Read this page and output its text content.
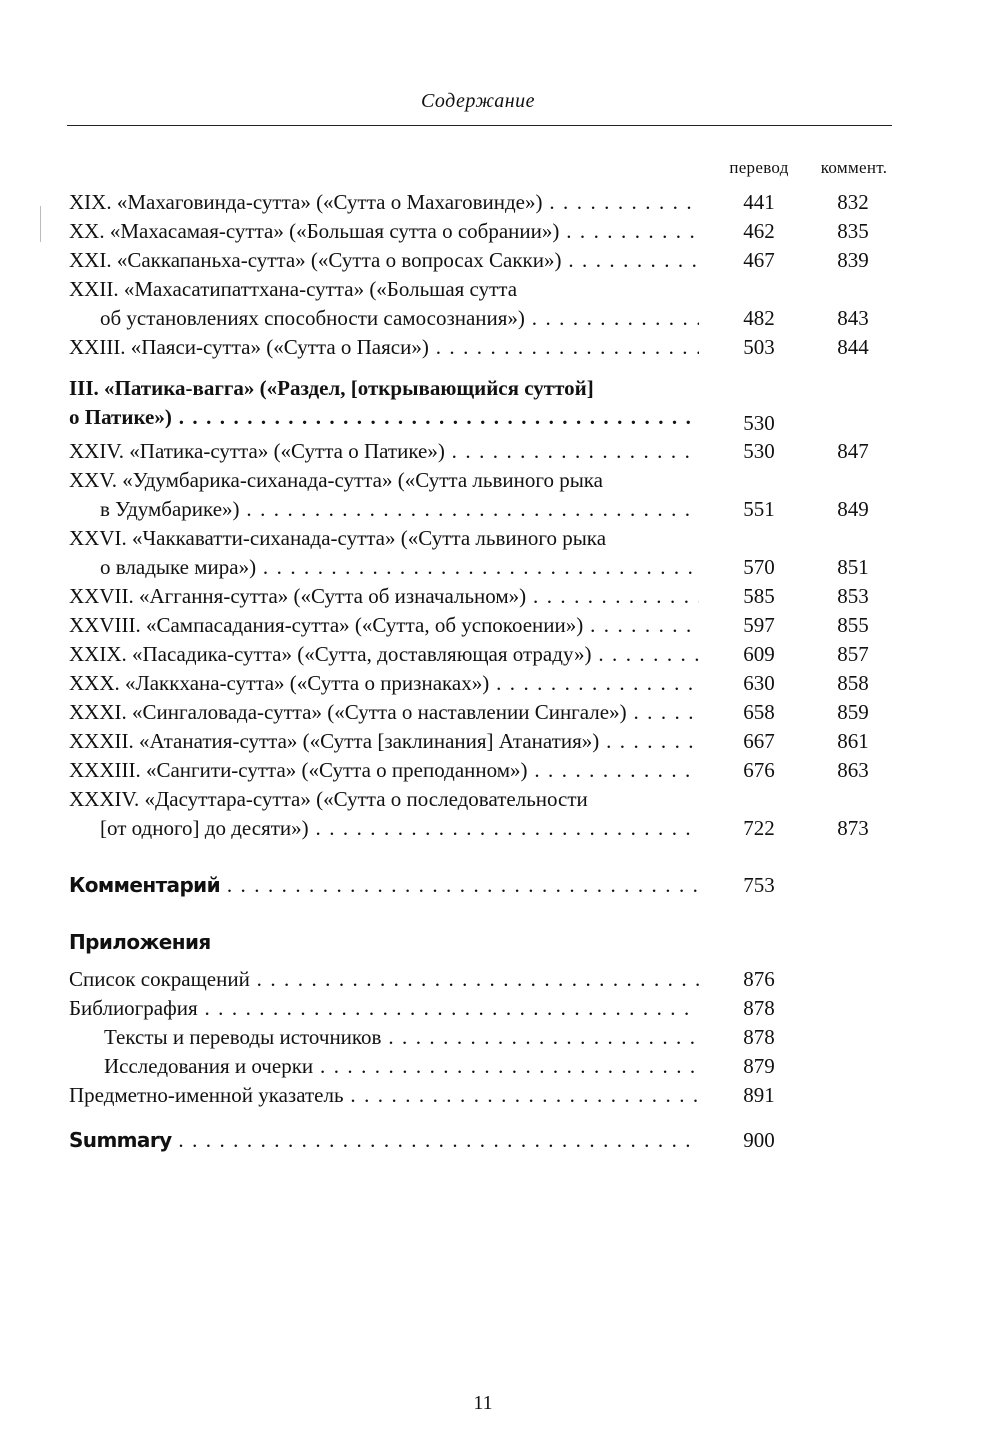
Содержание
перевод	коммент.
XIX. «Махаговинда-сутта» («Сутта о Махаговинде») . . .	441	832
XX. «Махасамая-сутта» («Большая сутта о собрании») . . .	462	835
XXI. «Саккапаньха-сутта» («Сутта о вопросах Сакки») . . .	467	839
XXII. «Махасатипаттхана-сутта» («Большая сутта
об установлениях способности самосознания») . . .	482	843
XXIII. «Паяси-сутта» («Сутта о Паяси») . . .	503	844
III. «Патика-вагга» («Раздел, [открывающийся суттой]
о Патике») . . .	530
XXIV. «Патика-сутта» («Сутта о Патике») . . .	530	847
XXV. «Удумбарика-сиханада-сутта» («Сутта львиного рыка
в Удумбарике») . . .	551	849
XXVI. «Чаккаватти-сиханада-сутта» («Сутта львиного рыка
о владыке мира») . . .	570	851
XXVII. «Аггання-сутта» («Сутта об изначальном») . . .	585	853
XXVIII. «Сампасадания-сутта» («Сутта, об успокоении») . . .	597	855
XXIX. «Пасадика-сутта» («Сутта, доставляющая отраду») . . .	609	857
XXX. «Лаккхана-сутта» («Сутта о признаках») . . .	630	858
XXXI. «Сингаловада-сутта» («Сутта о наставлении Сингале») . . .	658	859
XXXII. «Атанатия-сутта» («Сутта [заклинания] Атанатия») . . .	667	861
XXXIII. «Сангити-сутта» («Сутта о преподанном») . . .	676	863
XXXIV. «Дасуттара-сутта» («Сутта о последовательности
[от одного] до десяти») . . .	722	873
Комментарий . . .	753
Приложения
Список сокращений . . .	876
Библиография . . .	878
Тексты и переводы источников . . .	878
Исследования и очерки . . .	879
Предметно-именной указатель . . .	891
Summary . . .	900
11
